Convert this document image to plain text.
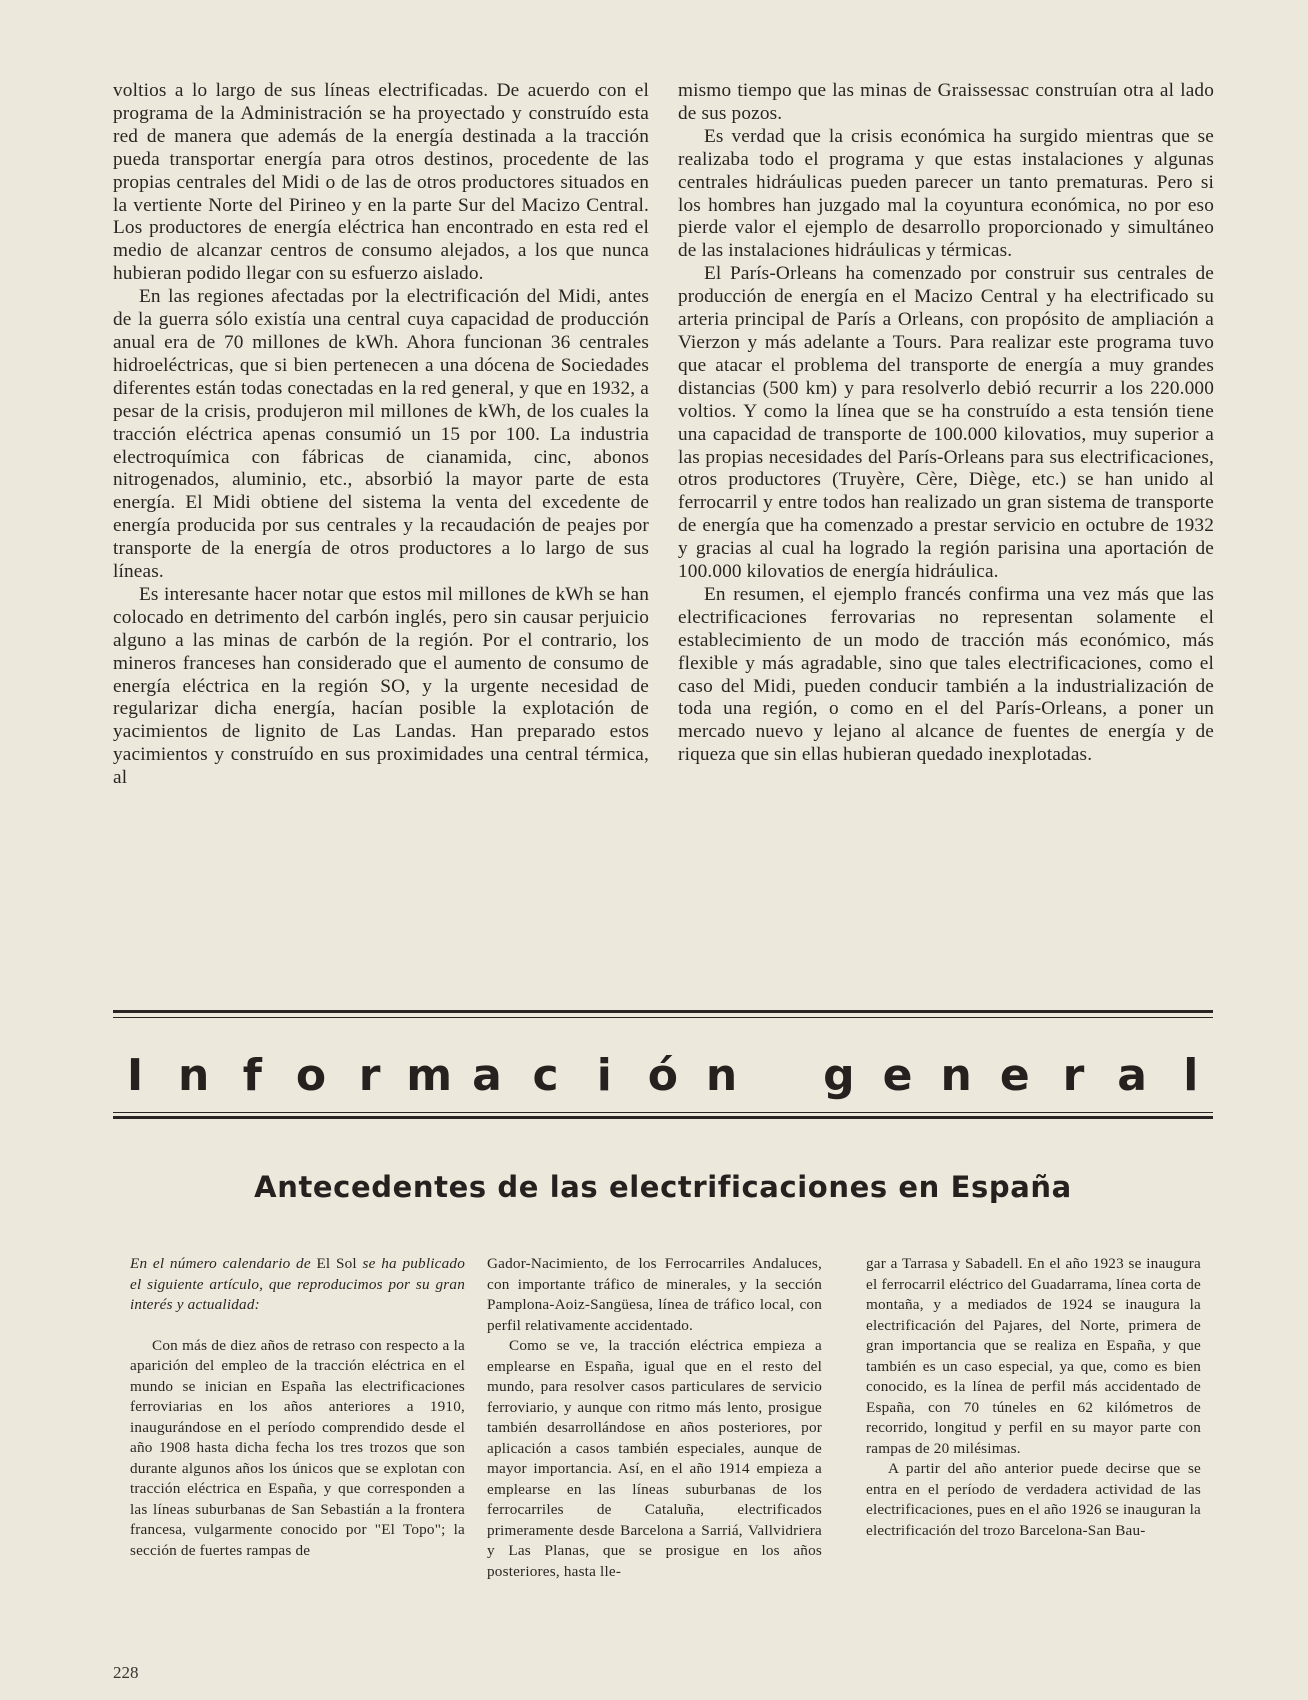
voltios a lo largo de sus líneas electrificadas. De acuerdo con el programa de la Administración se ha proyectado y construído esta red de manera que además de la energía destinada a la tracción pueda transportar energía para otros destinos, procedente de las propias centrales del Midi o de las de otros productores situados en la vertiente Norte del Pirineo y en la parte Sur del Macizo Central. Los productores de energía eléctrica han encontrado en esta red el medio de alcanzar centros de consumo alejados, a los que nunca hubieran podido llegar con su esfuerzo aislado.

En las regiones afectadas por la electrificación del Midi, antes de la guerra sólo existía una central cuya capacidad de producción anual era de 70 millones de kWh. Ahora funcionan 36 centrales hidroeléctricas, que si bien pertenecen a una dócena de Sociedades diferentes están todas conectadas en la red general, y que en 1932, a pesar de la crisis, produjeron mil millones de kWh, de los cuales la tracción eléctrica apenas consumió un 15 por 100. La industria electroquímica con fábricas de cianamida, cinc, abonos nitrogenados, aluminio, etc., absorbió la mayor parte de esta energía. El Midi obtiene del sistema la venta del excedente de energía producida por sus centrales y la recaudación de peajes por transporte de la energía de otros productores a lo largo de sus líneas.

Es interesante hacer notar que estos mil millones de kWh se han colocado en detrimento del carbón inglés, pero sin causar perjuicio alguno a las minas de carbón de la región. Por el contrario, los mineros franceses han considerado que el aumento de consumo de energía eléctrica en la región SO, y la urgente necesidad de regularizar dicha energía, hacían posible la explotación de yacimientos de lignito de Las Landas. Han preparado estos yacimientos y construído en sus proximidades una central térmica, al

mismo tiempo que las minas de Graissessac construían otra al lado de sus pozos.

Es verdad que la crisis económica ha surgido mientras que se realizaba todo el programa y que estas instalaciones y algunas centrales hidráulicas pueden parecer un tanto prematuras. Pero si los hombres han juzgado mal la coyuntura económica, no por eso pierde valor el ejemplo de desarrollo proporcionado y simultáneo de las instalaciones hidráulicas y térmicas.

El París-Orleans ha comenzado por construir sus centrales de producción de energía en el Macizo Central y ha electrificado su arteria principal de París a Orleans, con propósito de ampliación a Vierzon y más adelante a Tours. Para realizar este programa tuvo que atacar el problema del transporte de energía a muy grandes distancias (500 km) y para resolverlo debió recurrir a los 220.000 voltios. Y como la línea que se ha construído a esta tensión tiene una capacidad de transporte de 100.000 kilovatios, muy superior a las propias necesidades del París-Orleans para sus electrificaciones, otros productores (Truyère, Cère, Diège, etc.) se han unido al ferrocarril y entre todos han realizado un gran sistema de transporte de energía que ha comenzado a prestar servicio en octubre de 1932 y gracias al cual ha logrado la región parisina una aportación de 100.000 kilovatios de energía hidráulica.

En resumen, el ejemplo francés confirma una vez más que las electrificaciones ferrovarias no representan solamente el establecimiento de un modo de tracción más económico, más flexible y más agradable, sino que tales electrificaciones, como el caso del Midi, pueden conducir también a la industrialización de toda una región, o como en el del París-Orleans, a poner un mercado nuevo y lejano al alcance de fuentes de energía y de riqueza que sin ellas hubieran quedado inexplotadas.

I n f o r m a c i ó n g e n e r a l
Antecedentes de las electrificaciones en España

En el número calendario de El Sol se ha publicado el siguiente artículo, que reproducimos por su gran interés y actualidad:

Con más de diez años de retraso con respecto a la aparición del empleo de la tracción eléctrica en el mundo se inician en España las electrificaciones ferroviarias en los años anteriores a 1910, inaugurándose en el período comprendido desde el año 1908 hasta dicha fecha los tres trozos que son durante algunos años los únicos que se explotan con tracción eléctrica en España, y que corresponden a las líneas suburbanas de San Sebastián a la frontera francesa, vulgarmente conocido por "El Topo"; la sección de fuertes rampas de

Gador-Nacimiento, de los Ferrocarriles Andaluces, con importante tráfico de minerales, y la sección Pamplona-Aoiz-Sangüesa, línea de tráfico local, con perfil relativamente accidentado.

Como se ve, la tracción eléctrica empieza a emplearse en España, igual que en el resto del mundo, para resolver casos particulares de servicio ferroviario, y aunque con ritmo más lento, prosigue también desarrollándose en años posteriores, por aplicación a casos también especiales, aunque de mayor importancia. Así, en el año 1914 empieza a emplearse en las líneas suburbanas de los ferrocarriles de Cataluña, electrificados primeramente desde Barcelona a Sarriá, Vallvidriera y Las Planas, que se prosigue en los años posteriores, hasta lle-

gar a Tarrasa y Sabadell. En el año 1923 se inaugura el ferrocarril eléctrico del Guadarrama, línea corta de montaña, y a mediados de 1924 se inaugura la electrificación del Pajares, del Norte, primera de gran importancia que se realiza en España, y que también es un caso especial, ya que, como es bien conocido, es la línea de perfil más accidentado de España, con 70 túneles en 62 kilómetros de recorrido, longitud y perfil en su mayor parte con rampas de 20 milésimas.

A partir del año anterior puede decirse que se entra en el período de verdadera actividad de las electrificaciones, pues en el año 1926 se inauguran la electrificación del trozo Barcelona-San Bau-

228
